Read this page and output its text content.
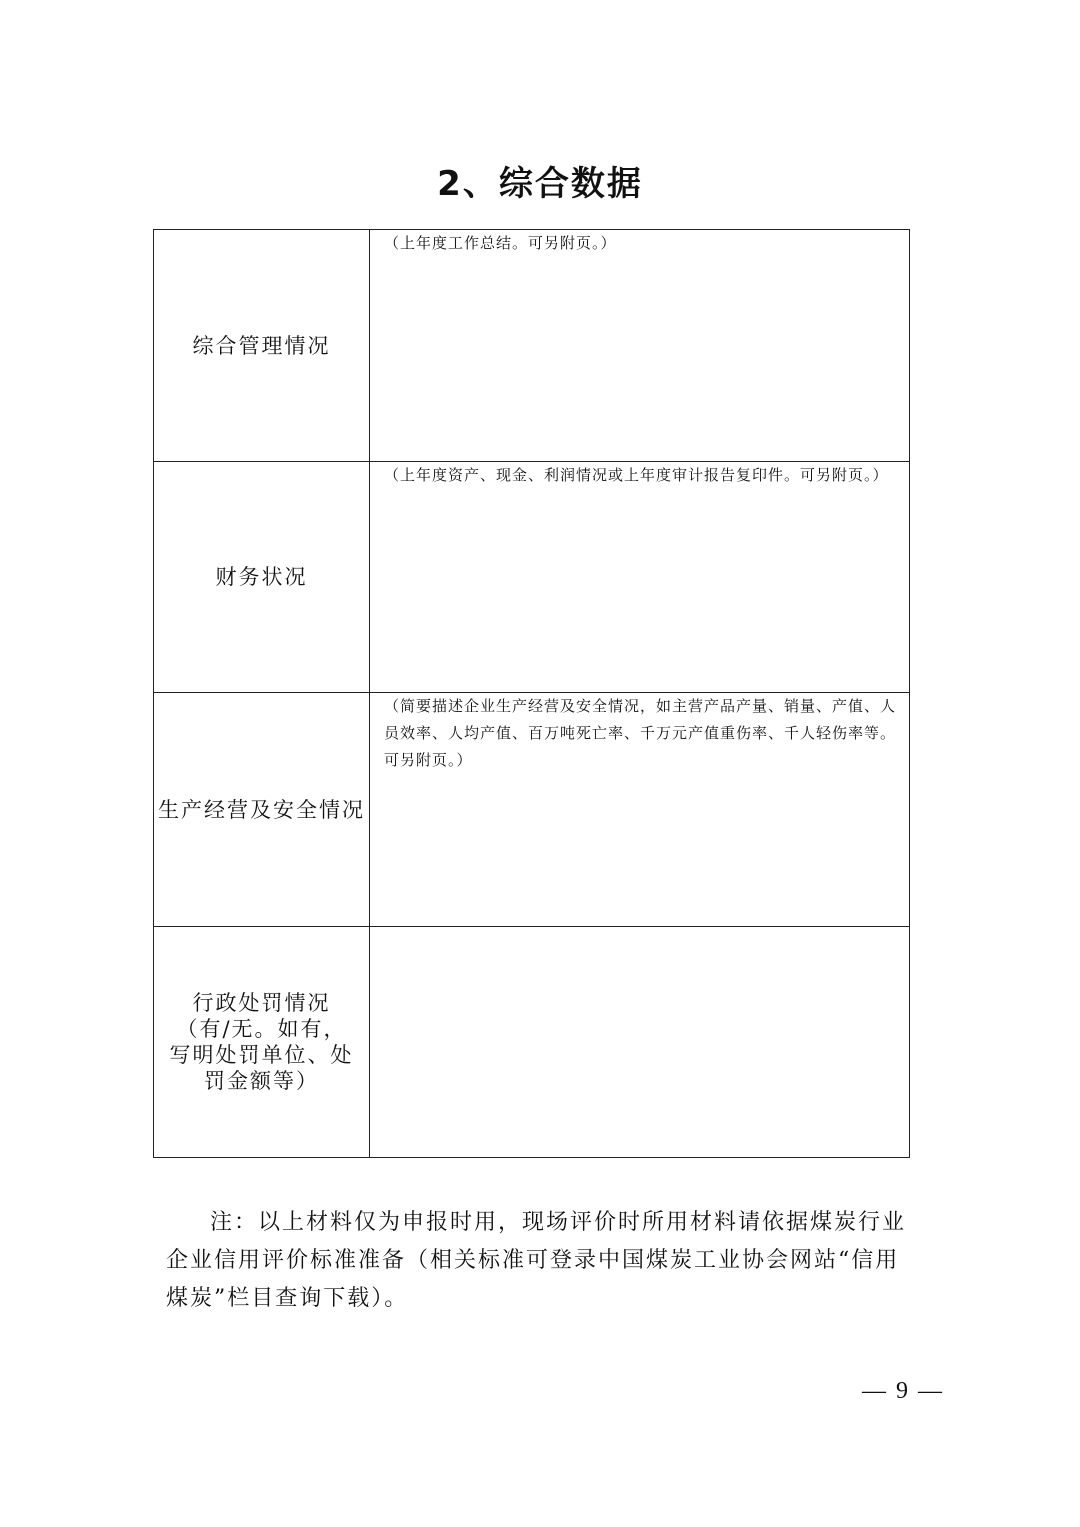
2、综合数据
综合管理情况	（上年度工作总结。可另附页。）

财务状况	（上年度资产、现金、利润情况或上年度审计报告复印件。可另附页。）

生产经营及安全情况	（简要描述企业生产经营及安全情况，如主营产品产量、销量、产值、人员效率、人均产值、百万吨死亡率、千万元产值重伤率、千人轻伤率等。可另附页。）

行政处罚情况
（有/无。如有，写明处罚单位、处罚金额等）	

注：以上材料仅为申报时用，现场评价时所用材料请依据煤炭行业企业信用评价标准准备（相关标准可登录中国煤炭工业协会网站“信用煤炭”栏目查询下载）。
— 9 —
